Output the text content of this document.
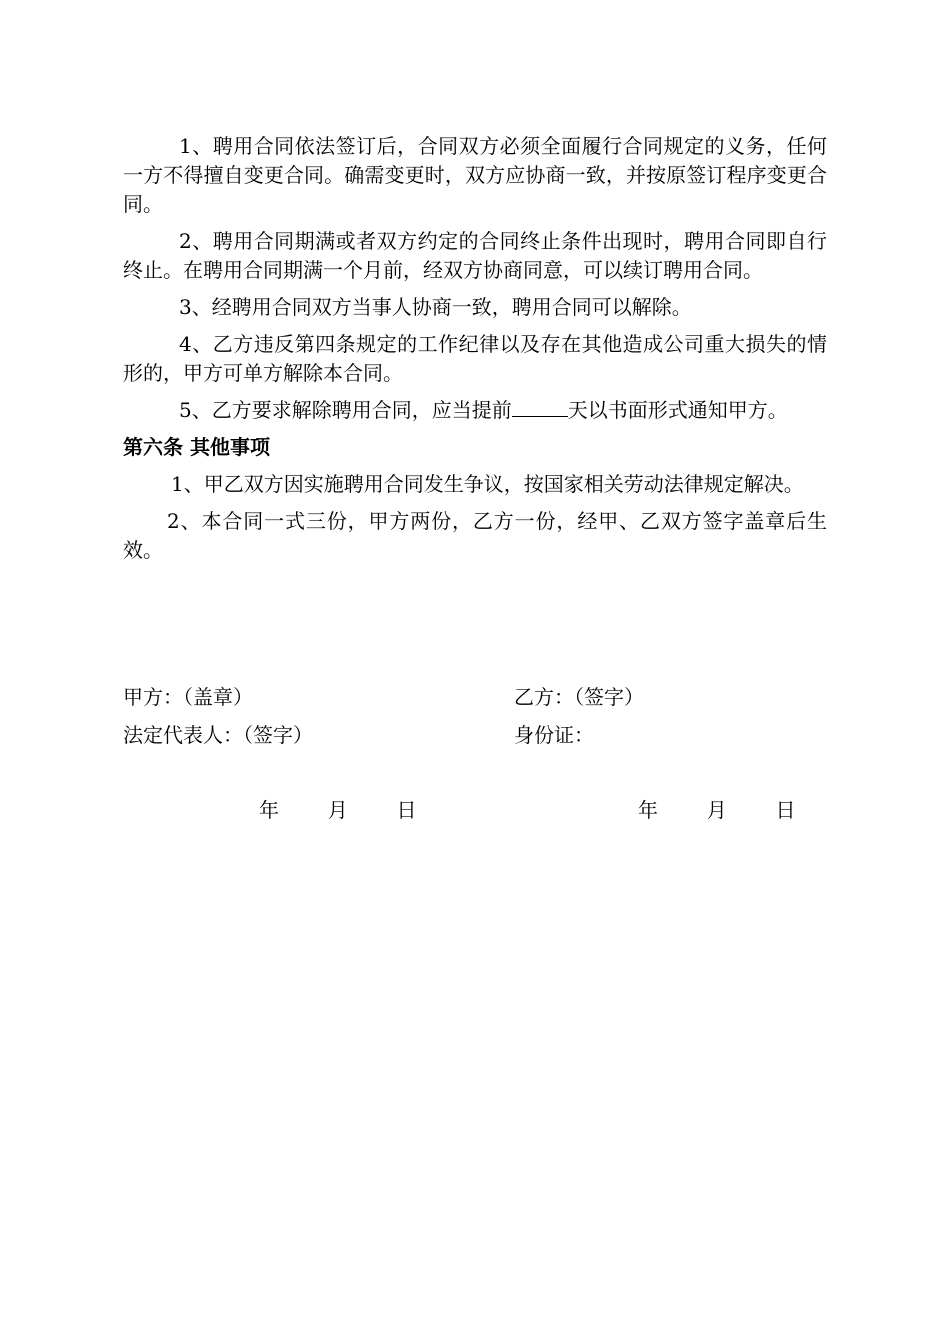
1、聘用合同依法签订后，合同双方必须全面履行合同规定的义务，任何一方不得擅自变更合同。确需变更时，双方应协商一致，并按原签订程序变更合同。

2、聘用合同期满或者双方约定的合同终止条件出现时，聘用合同即自行终止。在聘用合同期满一个月前，经双方协商同意，可以续订聘用合同。

3、经聘用合同双方当事人协商一致，聘用合同可以解除。

4、乙方违反第四条规定的工作纪律以及存在其他造成公司重大损失的情形的，甲方可单方解除本合同。

5、乙方要求解除聘用合同，应当提前	天以书面形式通知甲方。

第六条 其他事项

1、甲乙双方因实施聘用合同发生争议，按国家相关劳动法律规定解决。

2、本合同一式三份，甲方两份，乙方一份，经甲、乙双方签字盖章后生效。

甲方：（盖章）	乙方：（签字）
法定代表人：（签字）	身份证：
年 月 日	年 月 日
